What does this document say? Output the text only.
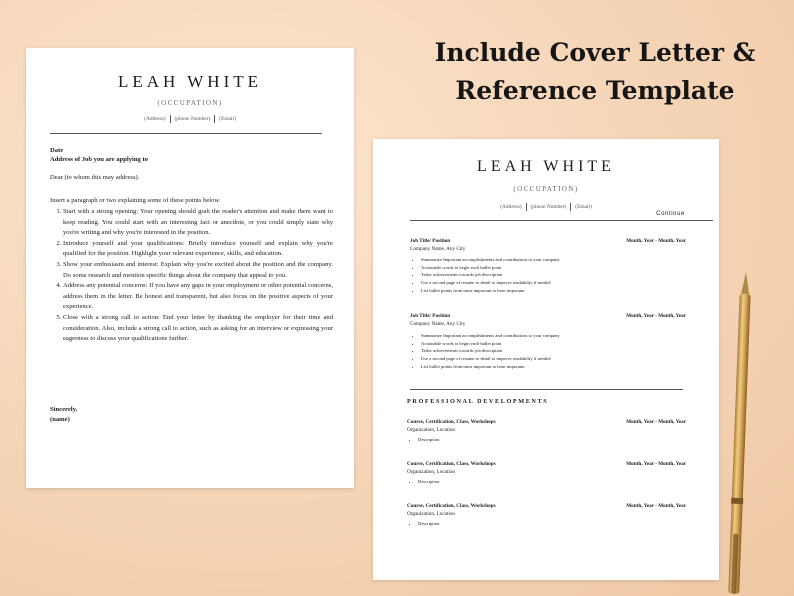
Include Cover Letter &
Reference Template
LEAH WHITE
(OCCUPATION)
(Address) (phone Number) (Email)
Date
Address of Job you are applying to
Dear (to whom this may address).
Insert a paragraph or two explaining some of these points below.
1. Start with a strong opening: Your opening should grab the reader's attention and make them want to keep reading. You could start with an interesting fact or anecdote, or you could simply state why you're writing and why you're interested in the position.
2. Introduce yourself and your qualifications: Briefly introduce yourself and explain why you're qualified for the position. Highlight your relevant experience, skills, and education.
3. Show your enthusiasm and interest: Explain why you're excited about the position and the company. Do some research and mention specific things about the company that appeal to you.
4. Address any potential concerns: If you have any gaps in your employment or other potential concerns, address them in the letter. Be honest and transparent, but also focus on the positive aspects of your experience.
5. Close with a strong call to action: End your letter by thanking the employer for their time and consideration. Also, include a strong call to action, such as asking for an interview or expressing your eagerness to discuss your qualifications further.
Sincerely,
(name)
LEAH WHITE
(OCCUPATION)
(Address) (phone Number) (Email)
Continue
Job Title/ Position	Month, Year - Month, Year
Company Name, Any City
• Summarize Important accomplishments and contributions to your company
• Actionable words to begin each bullet point
• Tailor achievements towards job description
• Use a second page of resume to detail to improve readability if needed
• List bullet points from most important to least important
Job Title/ Position	Month, Year - Month, Year
Company Name, Any City
• Summarize Important accomplishments and contributions to your company
• Actionable words to begin each bullet point
• Tailor achievements towards job description
• Use a second page of resume to detail to improve readability if needed
• List bullet points from most important to least important
PROFESSIONAL DEVELOPMENTS
Course, Certification, Class, Workshops	Month, Year - Month, Year
Organization, Location
• Description
Course, Certification, Class, Workshops	Month, Year - Month, Year
Organization, Location
• Description
Course, Certification, Class, Workshops	Month, Year - Month, Year
Organization, Location
• Description
